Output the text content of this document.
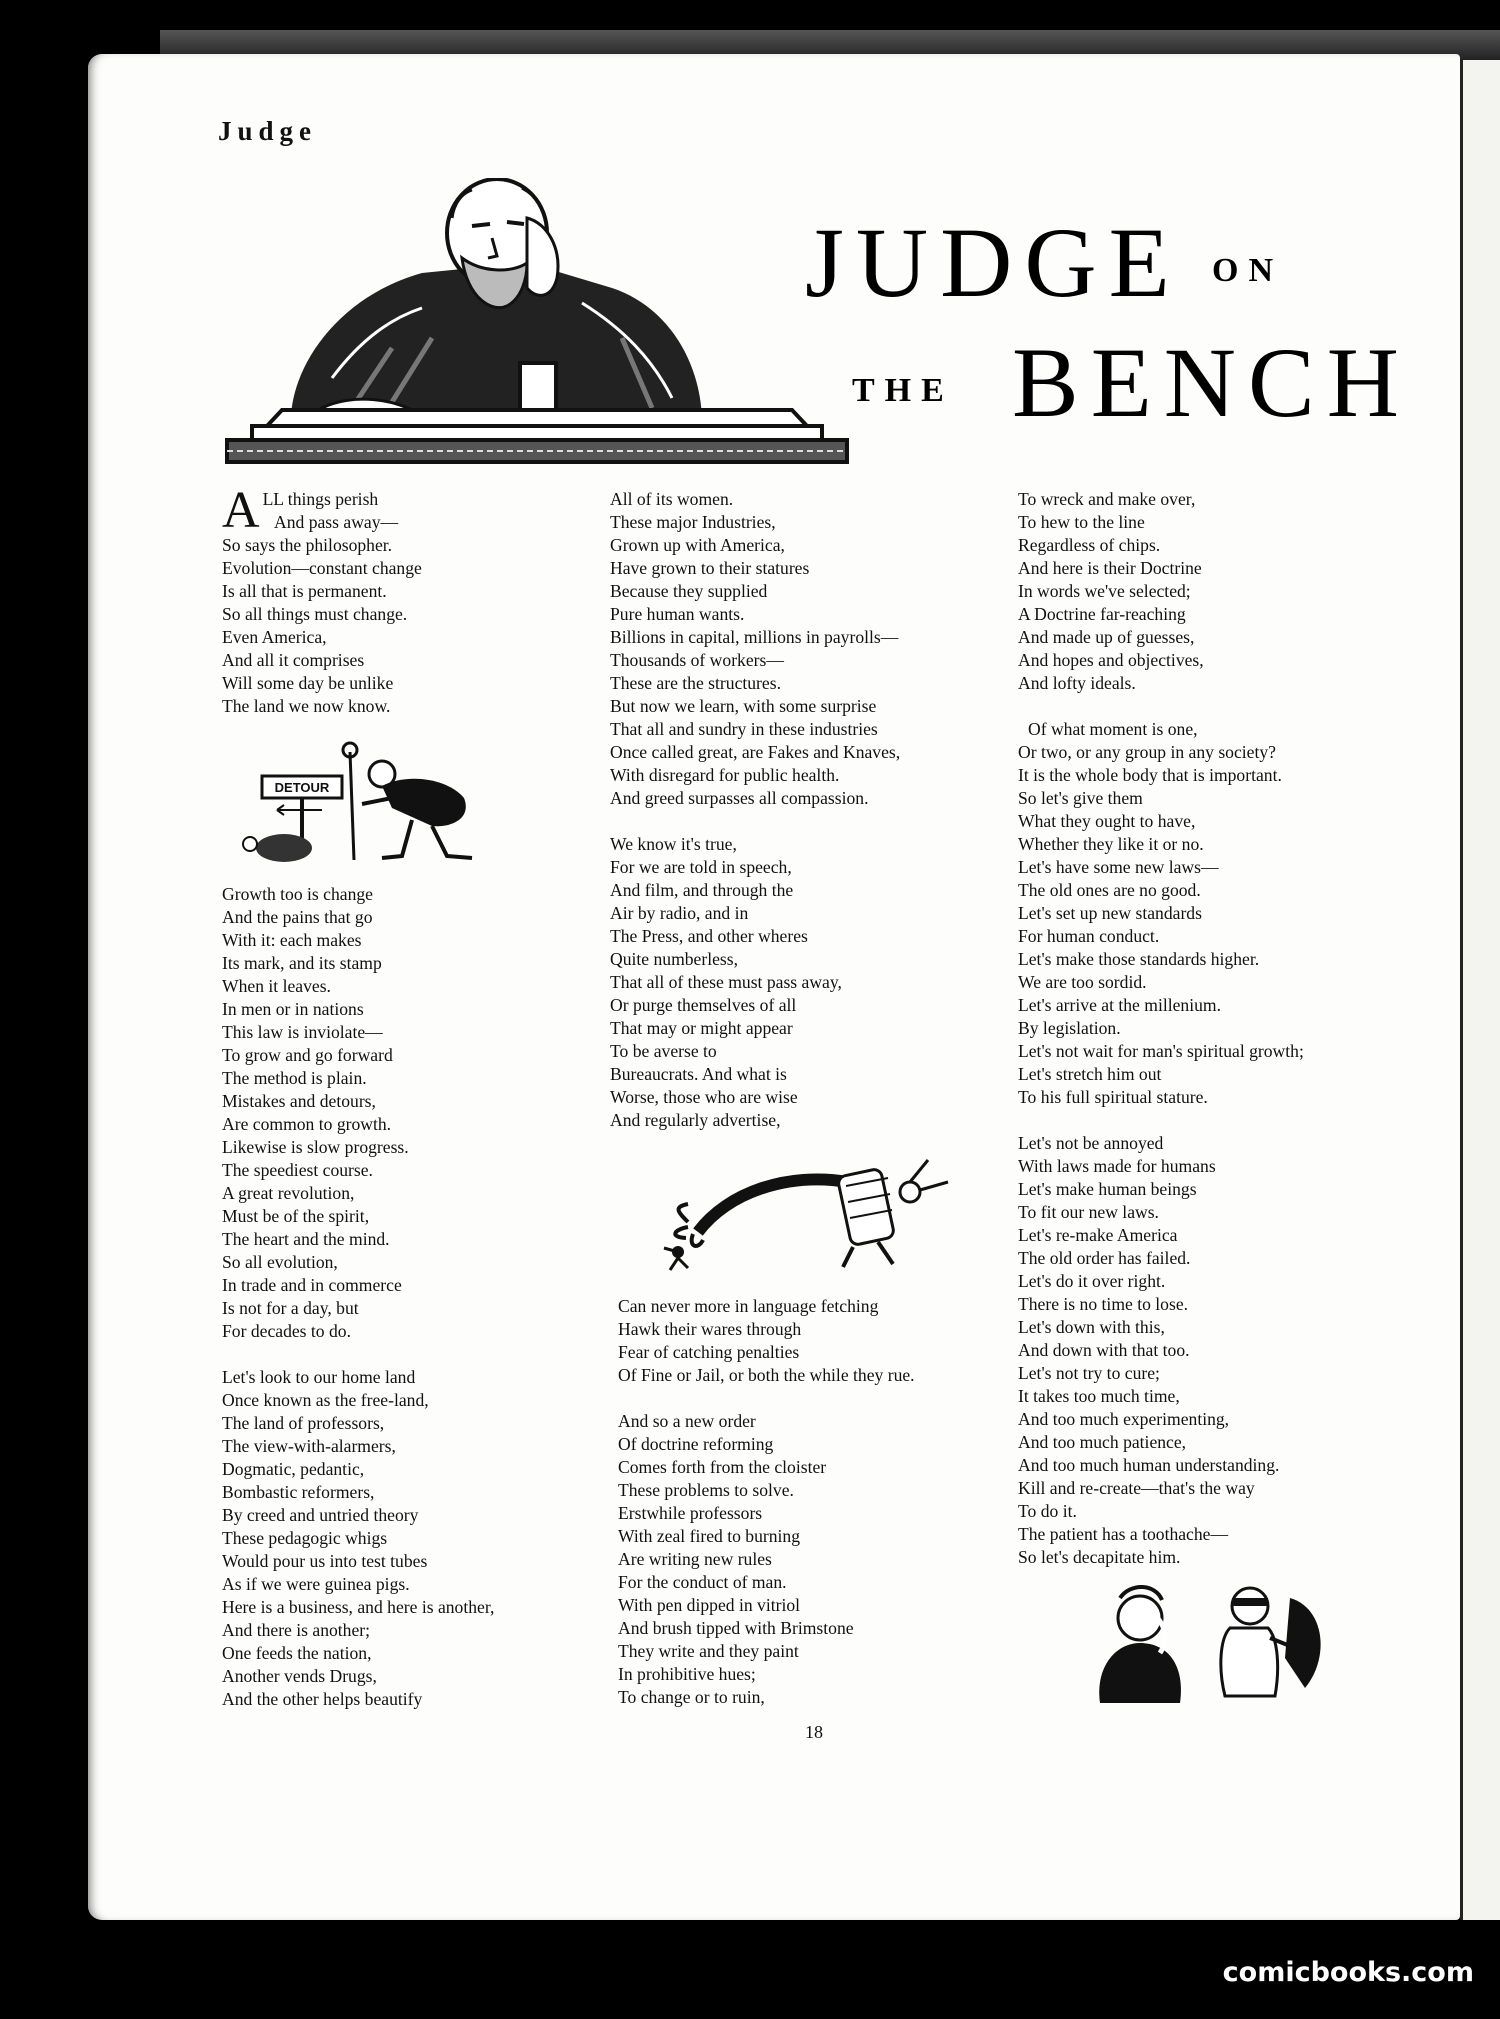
Judge
JUDGE ON
THE BENCH
A LL things perish
And pass away—
So says the philosopher.
Evolution—constant change
Is all that is permanent.
So all things must change.
Even America,
And all it comprises
Will some day be unlike
The land we now know.
DETOUR
Growth too is change
And the pains that go
With it: each makes
Its mark, and its stamp
When it leaves.
In men or in nations
This law is inviolate—
To grow and go forward
The method is plain.
Mistakes and detours,
Are common to growth.
Likewise is slow progress.
The speediest course.
A great revolution,
Must be of the spirit,
The heart and the mind.
So all evolution,
In trade and in commerce
Is not for a day, but
For decades to do.
Let's look to our home land
Once known as the free-land,
The land of professors,
The view-with-alarmers,
Dogmatic, pedantic,
Bombastic reformers,
By creed and untried theory
These pedagogic whigs
Would pour us into test tubes
As if we were guinea pigs.
Here is a business, and here is another,
And there is another;
One feeds the nation,
Another vends Drugs,
And the other helps beautify
All of its women.
These major Industries,
Grown up with America,
Have grown to their statures
Because they supplied
Pure human wants.
Billions in capital, millions in payrolls—
Thousands of workers—
These are the structures.
But now we learn, with some surprise
That all and sundry in these industries
Once called great, are Fakes and Knaves,
With disregard for public health.
And greed surpasses all compassion.
We know it's true,
For we are told in speech,
And film, and through the
Air by radio, and in
The Press, and other wheres
Quite numberless,
That all of these must pass away,
Or purge themselves of all
That may or might appear
To be averse to
Bureaucrats. And what is
Worse, those who are wise
And regularly advertise,
Can never more in language fetching
Hawk their wares through
Fear of catching penalties
Of Fine or Jail, or both the while they rue.
And so a new order
Of doctrine reforming
Comes forth from the cloister
These problems to solve.
Erstwhile professors
With zeal fired to burning
Are writing new rules
For the conduct of man.
With pen dipped in vitriol
And brush tipped with Brimstone
They write and they paint
In prohibitive hues;
To change or to ruin,
To wreck and make over,
To hew to the line
Regardless of chips.
And here is their Doctrine
In words we've selected;
A Doctrine far-reaching
And made up of guesses,
And hopes and objectives,
And lofty ideals.
Of what moment is one,
Or two, or any group in any society?
It is the whole body that is important.
So let's give them
What they ought to have,
Whether they like it or no.
Let's have some new laws—
The old ones are no good.
Let's set up new standards
For human conduct.
Let's make those standards higher.
We are too sordid.
Let's arrive at the millenium.
By legislation.
Let's not wait for man's spiritual growth;
Let's stretch him out
To his full spiritual stature.
Let's not be annoyed
With laws made for humans
Let's make human beings
To fit our new laws.
Let's re-make America
The old order has failed.
Let's do it over right.
There is no time to lose.
Let's down with this,
And down with that too.
Let's not try to cure;
It takes too much time,
And too much experimenting,
And too much patience,
And too much human understanding.
Kill and re-create—that's the way
To do it.
The patient has a toothache—
So let's decapitate him.
18
comicbooks.com
